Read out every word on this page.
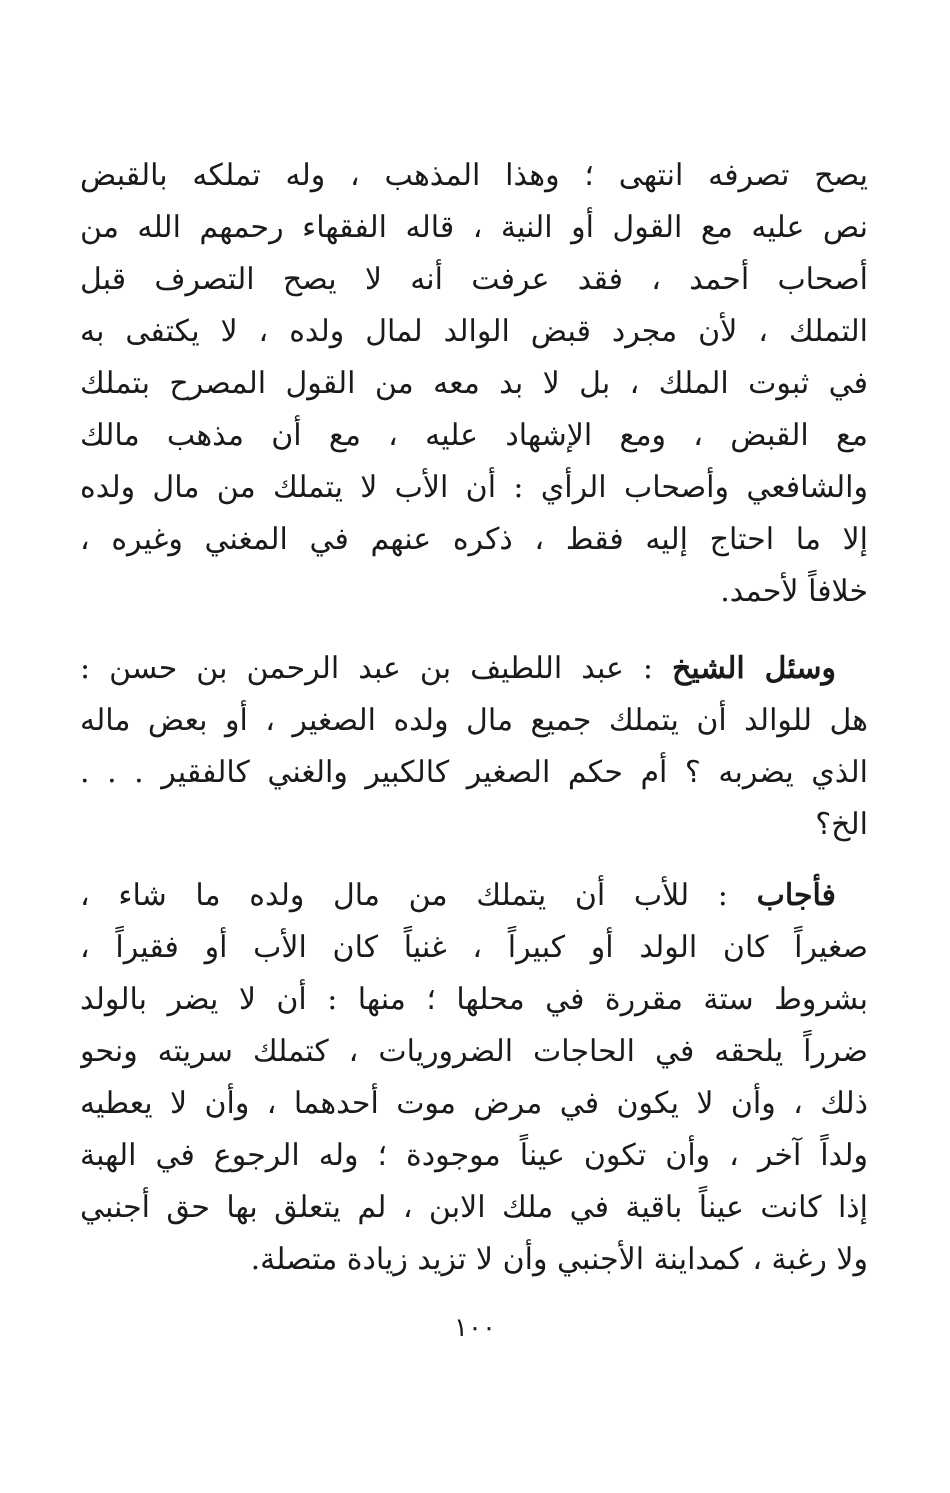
يصح تصرفه انتهى ؛ وهذا المذهب ، وله تملكه بالقبض
نص عليه مع القول أو النية ، قاله الفقهاء رحمهم الله من
أصحاب أحمد ، فقد عرفت أنه لا يصح التصرف قبل
التملك ، لأن مجرد قبض الوالد لمال ولده ، لا يكتفى به
في ثبوت الملك ، بل لا بد معه من القول المصرح بتملك
مع القبض ، ومع الإشهاد عليه ، مع أن مذهب مالك
والشافعي وأصحاب الرأي : أن الأب لا يتملك من مال ولده
إلا ما احتاج إليه فقط ، ذكره عنهم في المغني وغيره ،
خلافاً لأحمد.
وسئل الشيخ : عبد اللطيف بن عبد الرحمن بن حسن :
هل للوالد أن يتملك جميع مال ولده الصغير ، أو بعض ماله
الذي يضربه ؟ أم حكم الصغير كالكبير والغني كالفقير . . .
الخ؟
فأجاب : للأب أن يتملك من مال ولده ما شاء ،
صغيراً كان الولد أو كبيراً ، غنياً كان الأب أو فقيراً ،
بشروط ستة مقررة في محلها ؛ منها : أن لا يضر بالولد
ضرراً يلحقه في الحاجات الضروريات ، كتملك سريته ونحو
ذلك ، وأن لا يكون في مرض موت أحدهما ، وأن لا يعطيه
ولداً آخر ، وأن تكون عيناً موجودة ؛ وله الرجوع في الهبة
إذا كانت عيناً باقية في ملك الابن ، لم يتعلق بها حق أجنبي
ولا رغبة ، كمداينة الأجنبي وأن لا تزيد زيادة متصلة.
١٠٠
